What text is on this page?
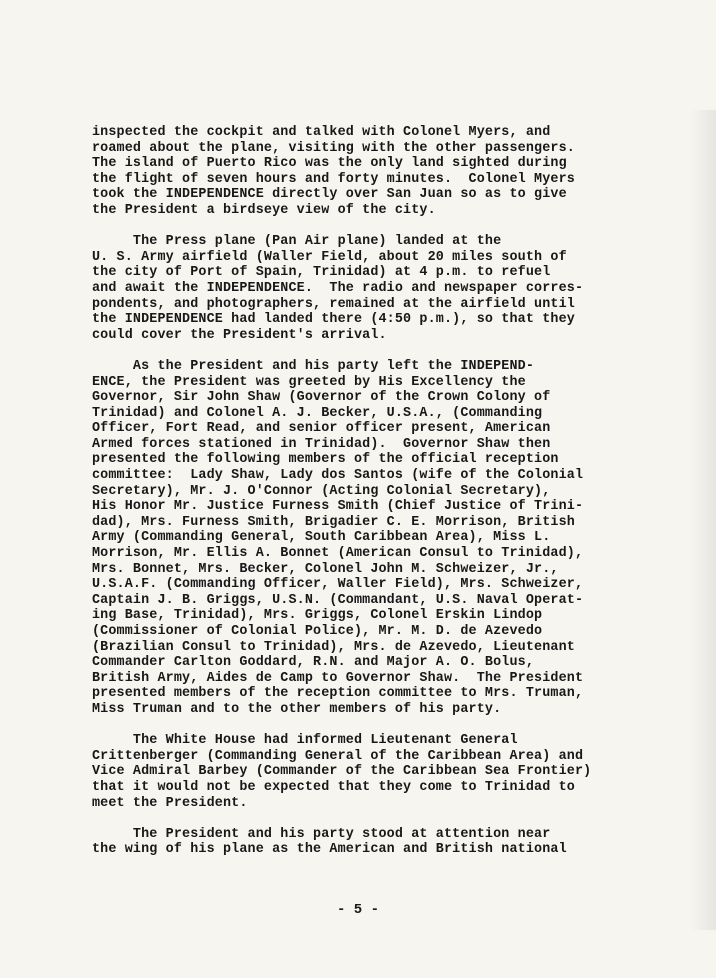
inspected the cockpit and talked with Colonel Myers, and
roamed about the plane, visiting with the other passengers.
The island of Puerto Rico was the only land sighted during
the flight of seven hours and forty minutes.  Colonel Myers
took the INDEPENDENCE directly over San Juan so as to give
the President a birdseye view of the city.
The Press plane (Pan Air plane) landed at the
U. S. Army airfield (Waller Field, about 20 miles south of
the city of Port of Spain, Trinidad) at 4 p.m. to refuel
and await the INDEPENDENCE.  The radio and newspaper corres-
pondents, and photographers, remained at the airfield until
the INDEPENDENCE had landed there (4:50 p.m.), so that they
could cover the President's arrival.
As the President and his party left the INDEPEND-
ENCE, the President was greeted by His Excellency the
Governor, Sir John Shaw (Governor of the Crown Colony of
Trinidad) and Colonel A. J. Becker, U.S.A., (Commanding
Officer, Fort Read, and senior officer present, American
Armed forces stationed in Trinidad).  Governor Shaw then
presented the following members of the official reception
committee:  Lady Shaw, Lady dos Santos (wife of the Colonial
Secretary), Mr. J. O'Connor (Acting Colonial Secretary),
His Honor Mr. Justice Furness Smith (Chief Justice of Trini-
dad), Mrs. Furness Smith, Brigadier C. E. Morrison, British
Army (Commanding General, South Caribbean Area), Miss L.
Morrison, Mr. Ellis A. Bonnet (American Consul to Trinidad),
Mrs. Bonnet, Mrs. Becker, Colonel John M. Schweizer, Jr.,
U.S.A.F. (Commanding Officer, Waller Field), Mrs. Schweizer,
Captain J. B. Griggs, U.S.N. (Commandant, U.S. Naval Operat-
ing Base, Trinidad), Mrs. Griggs, Colonel Erskin Lindop
(Commissioner of Colonial Police), Mr. M. D. de Azevedo
(Brazilian Consul to Trinidad), Mrs. de Azevedo, Lieutenant
Commander Carlton Goddard, R.N. and Major A. O. Bolus,
British Army, Aides de Camp to Governor Shaw.  The President
presented members of the reception committee to Mrs. Truman,
Miss Truman and to the other members of his party.
The White House had informed Lieutenant General
Crittenberger (Commanding General of the Caribbean Area) and
Vice Admiral Barbey (Commander of the Caribbean Sea Frontier)
that it would not be expected that they come to Trinidad to
meet the President.
The President and his party stood at attention near
the wing of his plane as the American and British national
- 5 -
